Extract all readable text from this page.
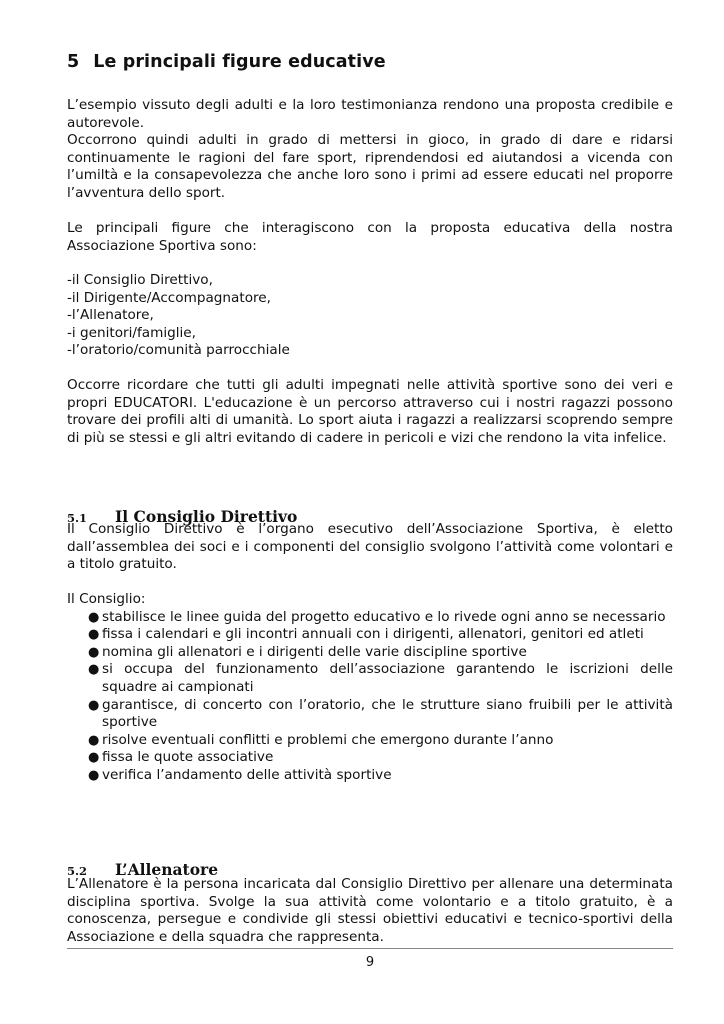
5 Le principali figure educative

L’esempio vissuto degli adulti e la loro testimonianza rendono una proposta credibile e autorevole.

Occorrono quindi adulti in grado di mettersi in gioco, in grado di dare e ridarsi continuamente le ragioni del fare sport, riprendendosi ed aiutandosi a vicenda con l’umiltà e la consapevolezza che anche loro sono i primi ad essere educati nel proporre l’avventura dello sport.

Le principali figure che interagiscono con la proposta educativa della nostra Associazione Sportiva sono:

-il Consiglio Direttivo,
-il Dirigente/Accompagnatore,
-l’Allenatore,
-i genitori/famiglie,
-l’oratorio/comunità parrocchiale

Occorre ricordare che tutti gli adulti impegnati nelle attività sportive sono dei veri e propri EDUCATORI. L'educazione è un percorso attraverso cui i nostri ragazzi possono trovare dei profili alti di umanità. Lo sport aiuta i ragazzi a realizzarsi scoprendo sempre di più se stessi e gli altri evitando di cadere in pericoli e vizi che rendono la vita infelice.

5.1 Il Consiglio Direttivo

Il Consiglio Direttivo è l’organo esecutivo dell’Associazione Sportiva, è eletto dall’assemblea dei soci e i componenti del consiglio svolgono l’attività come volontari e a titolo gratuito.

Il Consiglio:

● stabilisce le linee guida del progetto educativo e lo rivede ogni anno se necessario
● fissa i calendari e gli incontri annuali con i dirigenti, allenatori, genitori ed atleti
● nomina gli allenatori e i dirigenti delle varie discipline sportive
● si occupa del funzionamento dell’associazione garantendo le iscrizioni delle squadre ai campionati
● garantisce, di concerto con l’oratorio, che le strutture siano fruibili per le attività sportive
● risolve eventuali conflitti e problemi che emergono durante l’anno
● fissa le quote associative
● verifica l’andamento delle attività sportive
5.2 L’Allenatore

L’Allenatore è la persona incaricata dal Consiglio Direttivo per allenare una determinata disciplina sportiva. Svolge la sua attività come volontario e a titolo gratuito, è a conoscenza, persegue e condivide gli stessi obiettivi educativi e tecnico-sportivi della Associazione e della squadra che rappresenta.

9
